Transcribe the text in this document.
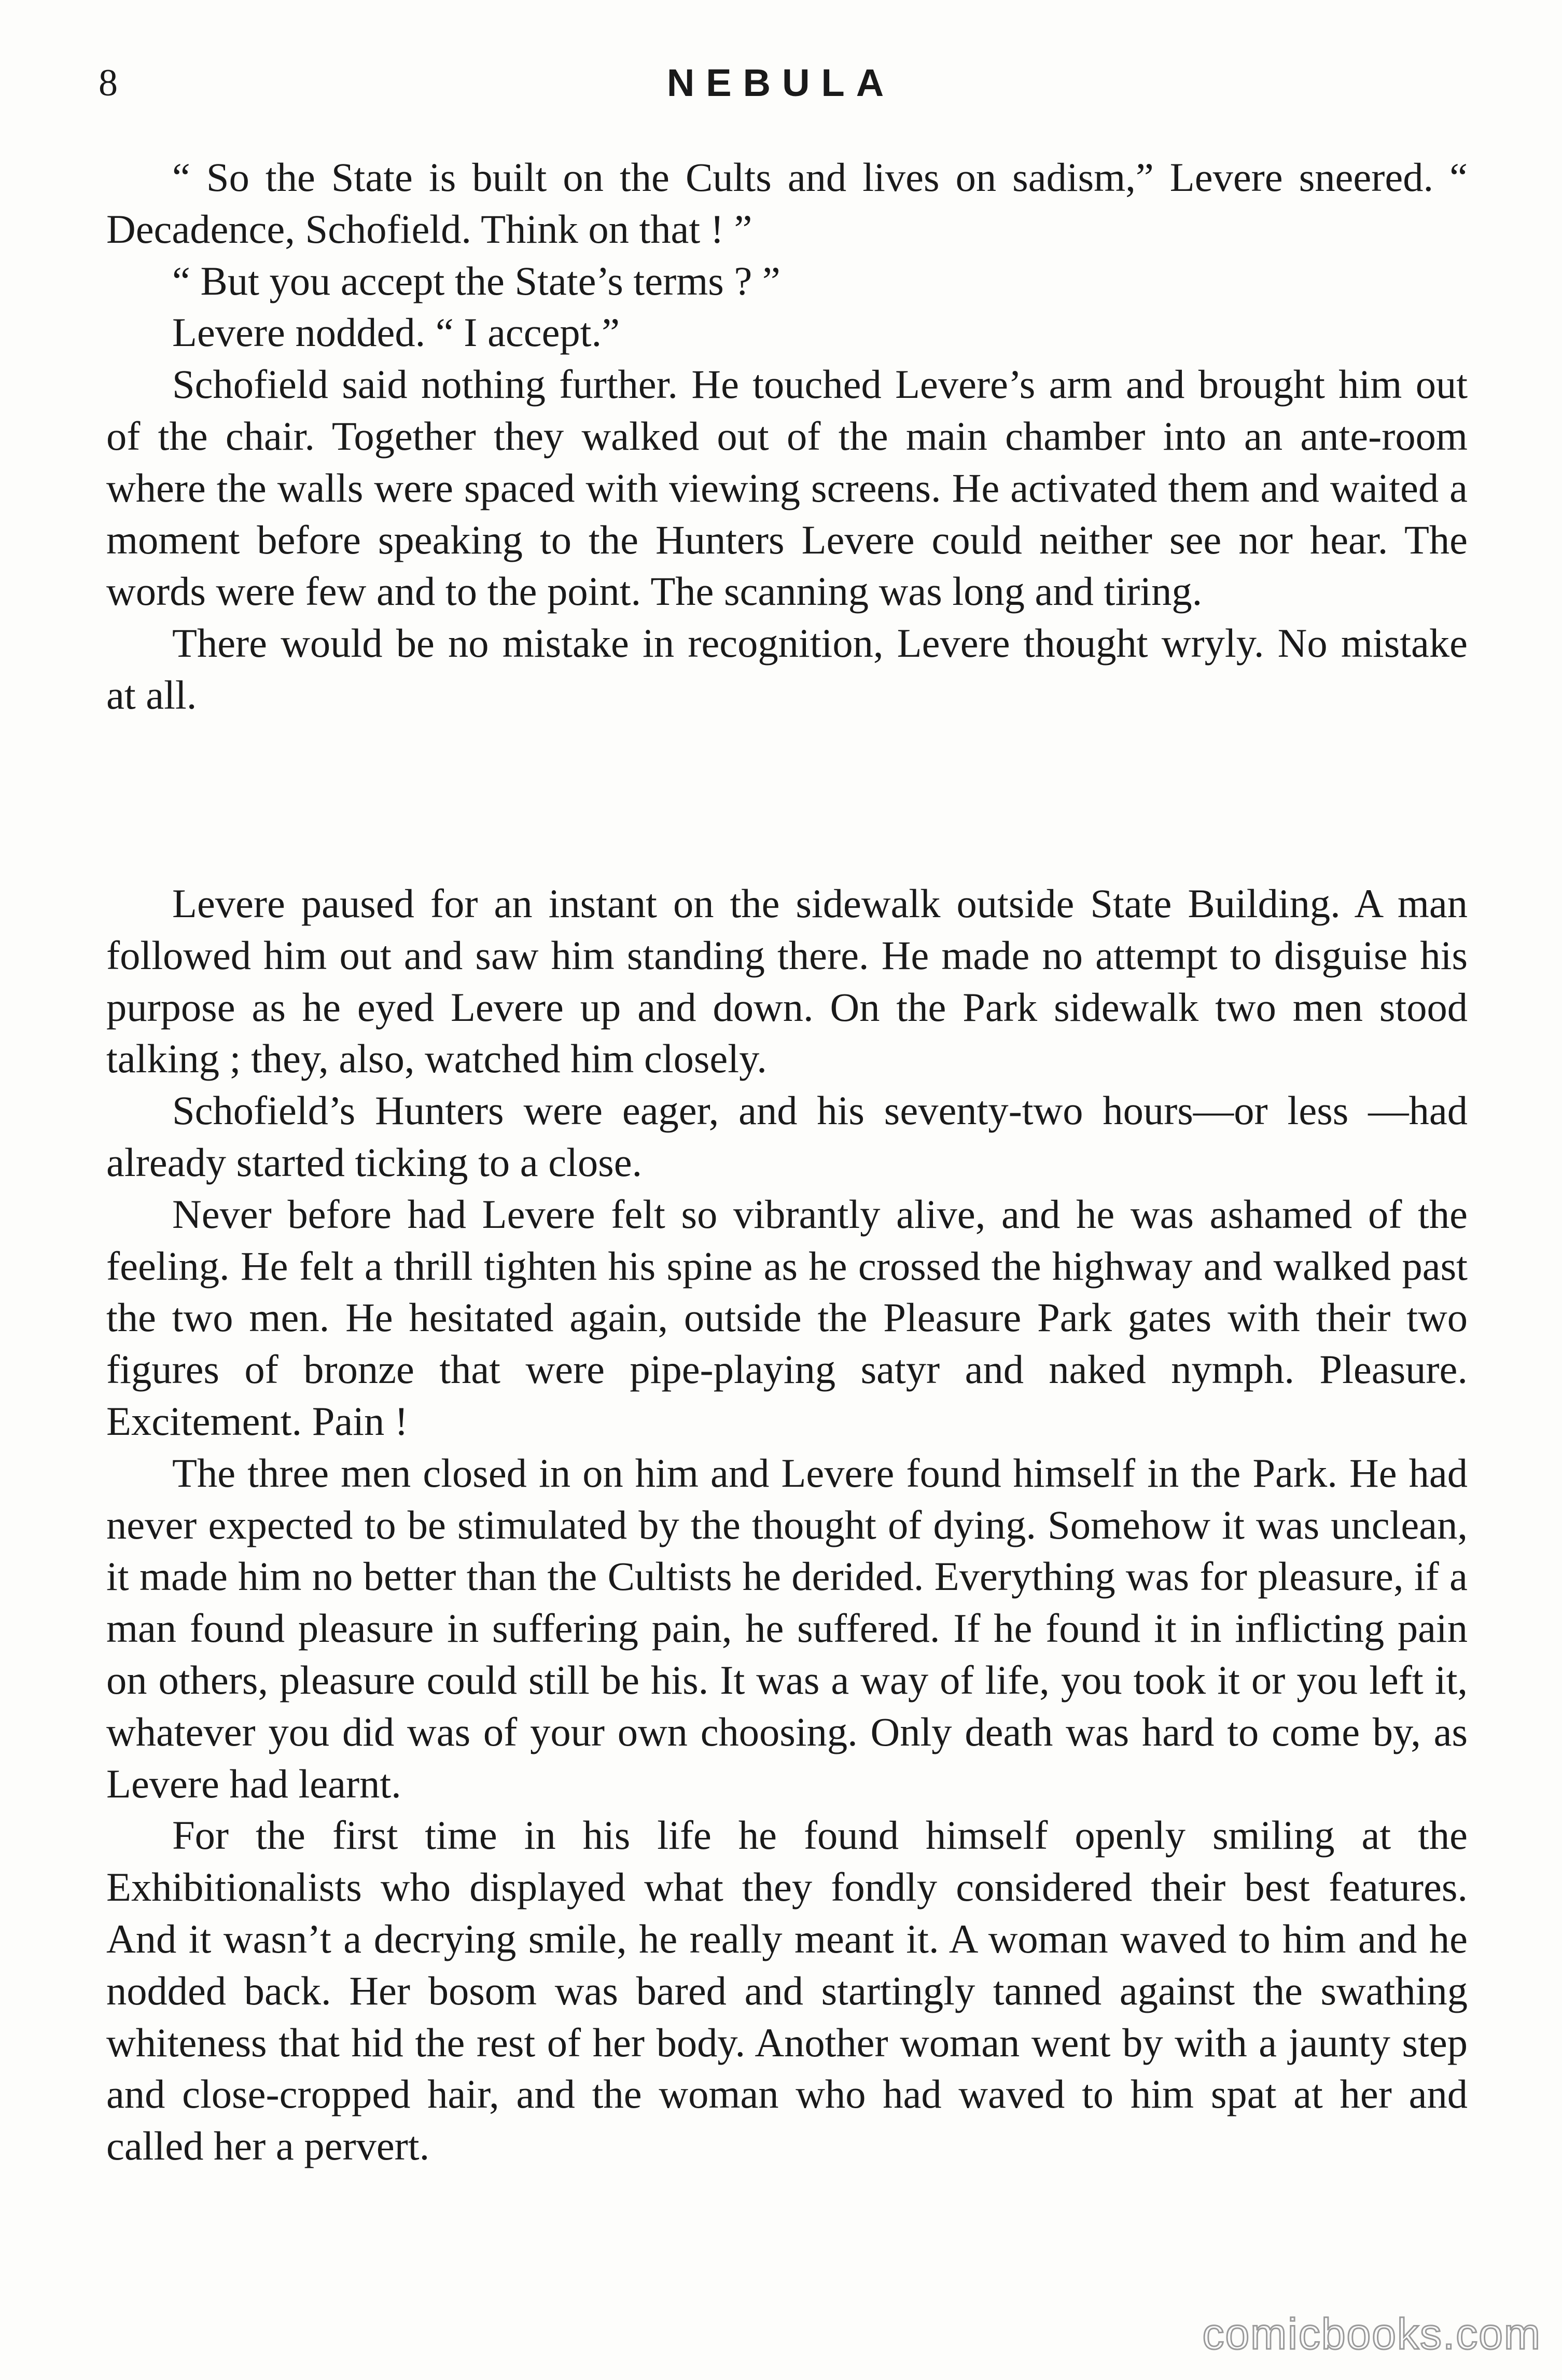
8	NEBULA

“ So the State is built on the Cults and lives on sadism,” Levere sneered. “ Decadence, Schofield. Think on that ! ”

“ But you accept the State’s terms ? ”

Levere nodded. “ I accept.”

Schofield said nothing further. He touched Levere’s arm and brought him out of the chair. Together they walked out of the main chamber into an ante-room where the walls were spaced with viewing screens. He activated them and waited a moment before speaking to the Hunters Levere could neither see nor hear. The words were few and to the point. The scanning was long and tiring.

There would be no mistake in recognition, Levere thought wryly. No mistake at all.

Levere paused for an instant on the sidewalk outside State Building. A man followed him out and saw him standing there. He made no attempt to disguise his purpose as he eyed Levere up and down. On the Park sidewalk two men stood talking ; they, also, watched him closely.

Schofield’s Hunters were eager, and his seventy-two hours—or less —had already started ticking to a close.

Never before had Levere felt so vibrantly alive, and he was ashamed of the feeling. He felt a thrill tighten his spine as he crossed the highway and walked past the two men. He hesitated again, outside the Pleasure Park gates with their two figures of bronze that were pipe-playing satyr and naked nymph. Pleasure. Excitement. Pain !

The three men closed in on him and Levere found himself in the Park. He had never expected to be stimulated by the thought of dying. Somehow it was unclean, it made him no better than the Cultists he derided. Everything was for pleasure, if a man found pleasure in suffering pain, he suffered. If he found it in inflicting pain on others, pleasure could still be his. It was a way of life, you took it or you left it, whatever you did was of your own choosing. Only death was hard to come by, as Levere had learnt.

For the first time in his life he found himself openly smiling at the Exhibitionalists who displayed what they fondly considered their best features. And it wasn’t a decrying smile, he really meant it. A woman waved to him and he nodded back. Her bosom was bared and startingly tanned against the swathing whiteness that hid the rest of her body. Another woman went by with a jaunty step and close-cropped hair, and the woman who had waved to him spat at her and called her a pervert.

comicbooks.com
